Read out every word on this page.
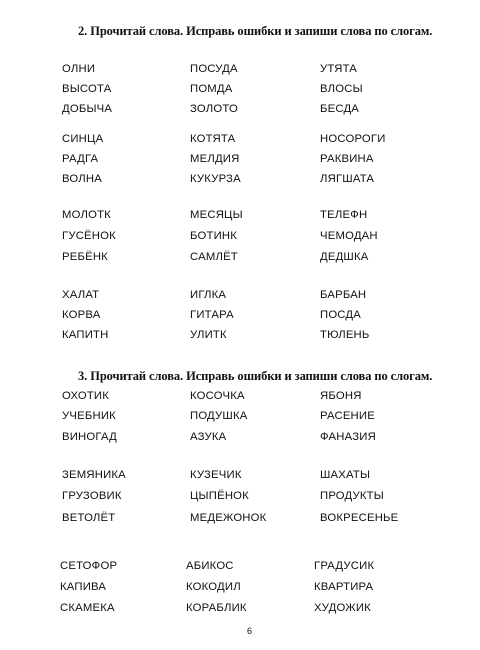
2. Прочитай слова. Исправь ошибки и запиши слова по слогам.
3. Прочитай слова. Исправь ошибки и запиши слова по слогам.
6
ОЛНИ	ПОСУДА	УТЯТА
ВЫСОТА	ПОМДА	ВЛОСЫ
ДОБЫЧА	ЗОЛОТО	БЕСДА
СИНЦА	КОТЯТА	НОСОРОГИ
РАДГА	МЕЛДИЯ	РАКВИНА
ВОЛНА	КУКУРЗА	ЛЯГШАТА
МОЛОТК	МЕСЯЦЫ	ТЕЛЕФН
ГУСЁНОК	БОТИНК	ЧЕМОДАН
РЕБЁНК	САМЛЁТ	ДЕДШКА
ХАЛАТ	ИГЛКА	БАРБАН
КОРВА	ГИТАРА	ПОСДА
КАПИТН	УЛИТК	ТЮЛЕНЬ
ОХОТИК	КОСОЧКА	ЯБОНЯ
УЧЕБНИК	ПОДУШКА	РАСЕНИЕ
ВИНОГАД	АЗУКА	ФАНАЗИЯ
ЗЕМЯНИКА	КУЗЕЧИК	ШАХАТЫ
ГРУЗОВИК	ЦЫПЁНОК	ПРОДУКТЫ
ВЕТОЛЁТ	МЕДЕЖОНОК	ВОКРЕСЕНЬЕ
СЕТОФОР	АБИКОС	ГРАДУСИК
КАПИВА	КОКОДИЛ	КВАРТИРА
СКАМЕКА	КОРАБЛИК	ХУДОЖИК
